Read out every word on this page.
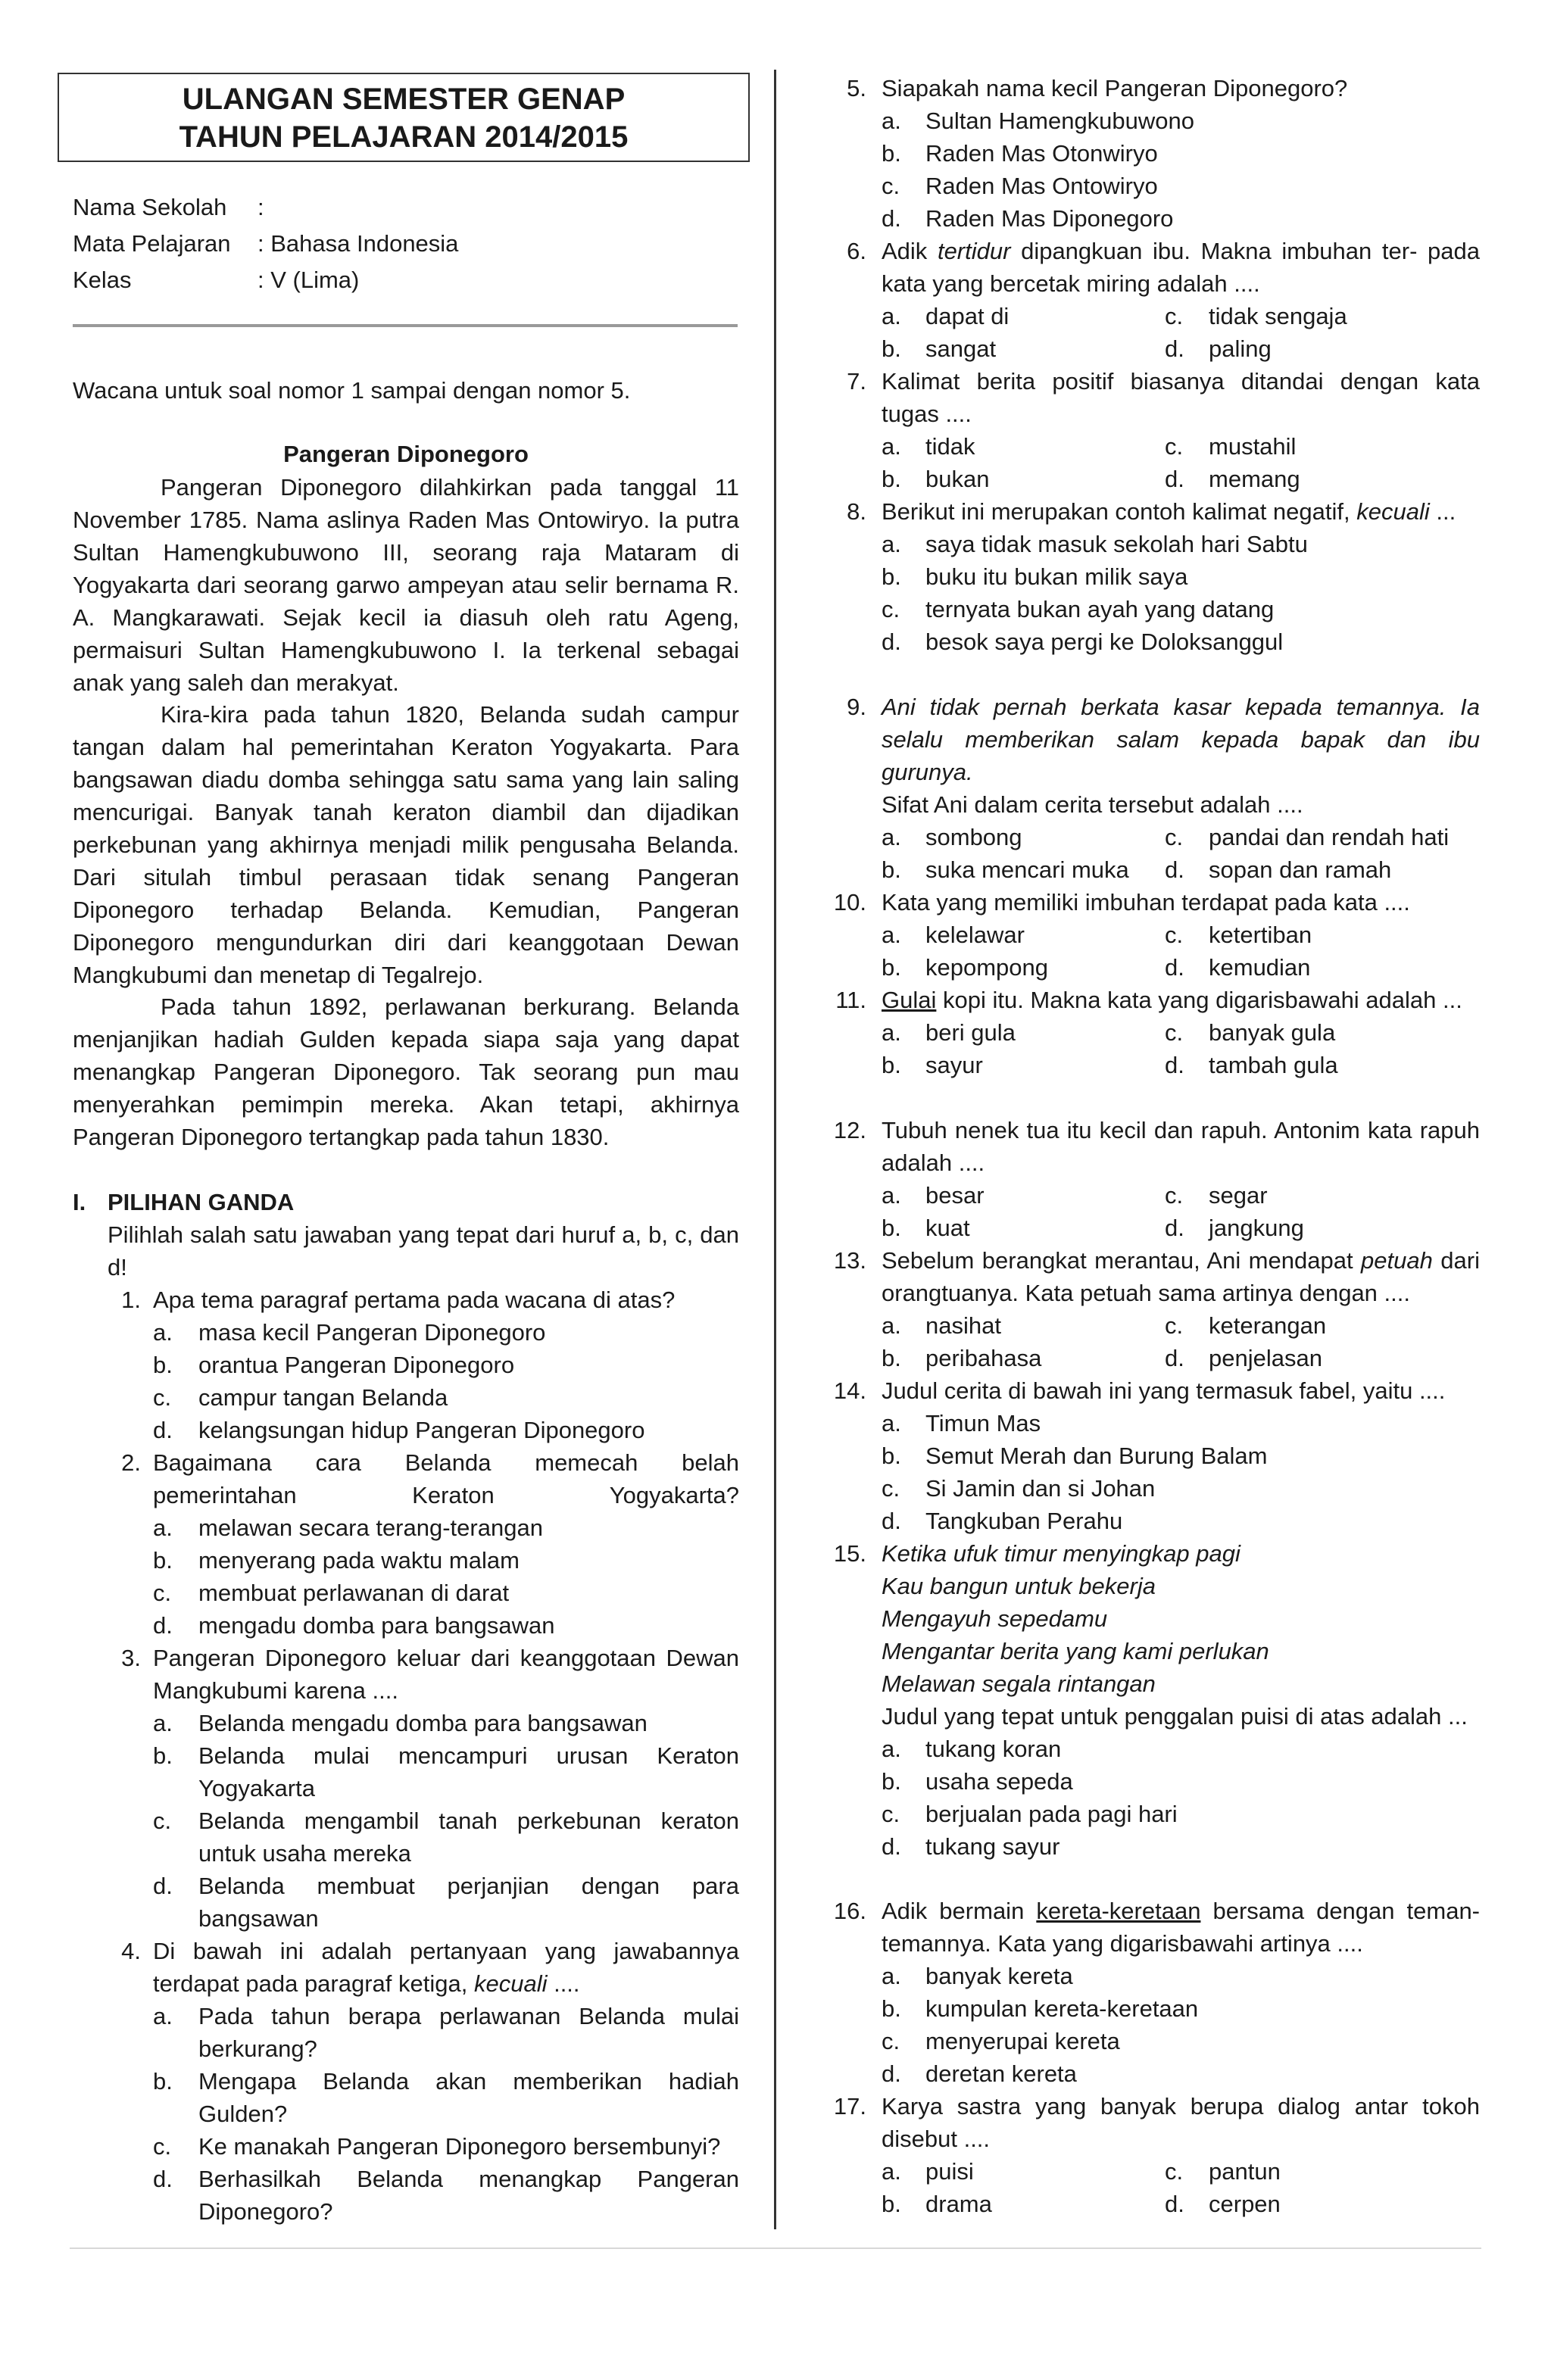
ULANGAN SEMESTER GENAP
TAHUN PELAJARAN 2014/2015
Nama Sekolah	:
Mata Pelajaran	: Bahasa Indonesia
Kelas	: V (Lima)
Wacana untuk soal nomor 1 sampai dengan nomor 5.
Pangeran Diponegoro
Pangeran Diponegoro dilahkirkan pada tanggal 11 November 1785. Nama aslinya Raden Mas Ontowiryo. Ia putra Sultan Hamengkubuwono III, seorang raja Mataram di Yogyakarta dari seorang garwo ampeyan atau selir bernama R. A. Mangkarawati. Sejak kecil ia diasuh oleh ratu Ageng, permaisuri Sultan Hamengkubuwono I. Ia terkenal sebagai anak yang saleh dan merakyat.
Kira-kira pada tahun 1820, Belanda sudah campur tangan dalam hal pemerintahan Keraton Yogyakarta. Para bangsawan diadu domba sehingga satu sama yang lain saling mencurigai. Banyak tanah keraton diambil dan dijadikan perkebunan yang akhirnya menjadi milik pengusaha Belanda. Dari situlah timbul perasaan tidak senang Pangeran Diponegoro terhadap Belanda. Kemudian, Pangeran Diponegoro mengundurkan diri dari keanggotaan Dewan Mangkubumi dan menetap di Tegalrejo.
Pada tahun 1892, perlawanan berkurang. Belanda menjanjikan hadiah Gulden kepada siapa saja yang dapat menangkap Pangeran Diponegoro. Tak seorang pun mau menyerahkan pemimpin mereka. Akan tetapi, akhirnya Pangeran Diponegoro tertangkap pada tahun 1830.
I. PILIHAN GANDA
Pilihlah salah satu jawaban yang tepat dari huruf a, b, c, dan d!
1. Apa tema paragraf pertama pada wacana di atas?
a.	masa kecil Pangeran Diponegoro
b.	orantua Pangeran Diponegoro
c.	campur tangan Belanda
d.	kelangsungan hidup Pangeran Diponegoro
2. Bagaimana cara Belanda memecah belah pemerintahan Keraton Yogyakarta?
a.	melawan secara terang-terangan
b.	menyerang pada waktu malam
c.	membuat perlawanan di darat
d.	mengadu domba para bangsawan
3. Pangeran Diponegoro keluar dari keanggotaan Dewan Mangkubumi karena ....
a.	Belanda mengadu domba para bangsawan
b.	Belanda mulai mencampuri urusan Keraton Yogyakarta
c.	Belanda mengambil tanah perkebunan keraton untuk usaha mereka
d.	Belanda membuat perjanjian dengan para bangsawan
4. Di bawah ini adalah pertanyaan yang jawabannya terdapat pada paragraf ketiga, kecuali ....
a.	Pada tahun berapa perlawanan Belanda mulai berkurang?
b.	Mengapa Belanda akan memberikan hadiah Gulden?
c.	Ke manakah Pangeran Diponegoro bersembunyi?
d.	Berhasilkah Belanda menangkap Pangeran Diponegoro?
5. Siapakah nama kecil Pangeran Diponegoro?
a.	Sultan Hamengkubuwono
b.	Raden Mas Otonwiryo
c.	Raden Mas Ontowiryo
d.	Raden Mas Diponegoro
6. Adik tertidur dipangkuan ibu. Makna imbuhan ter- pada kata yang bercetak miring adalah ....
a.	dapat di	c.	tidak sengaja
b.	sangat	d.	paling
7. Kalimat berita positif biasanya ditandai dengan kata tugas ....
a.	tidak	c.	mustahil
b.	bukan	d.	memang
8. Berikut ini merupakan contoh kalimat negatif, kecuali ...
a.	saya tidak masuk sekolah hari Sabtu
b.	buku itu bukan milik saya
c.	ternyata bukan ayah yang datang
d.	besok saya pergi ke Doloksanggul
9. Ani tidak pernah berkata kasar kepada temannya. Ia selalu memberikan salam kepada bapak dan ibu gurunya.
Sifat Ani dalam cerita tersebut adalah ....
a.	sombong	c.	pandai dan rendah hati
b.	suka mencari muka d.	sopan dan ramah
10. Kata yang memiliki imbuhan terdapat pada kata ....
a.	kelelawar	c.	ketertiban
b.	kepompong	d.	kemudian
11. Gulai kopi itu. Makna kata yang digarisbawahi adalah ...
a.	beri gula	c.	banyak gula
b.	sayur	d.	tambah gula
12. Tubuh nenek tua itu kecil dan rapuh. Antonim kata rapuh adalah ....
a.	besar	c.	segar
b.	kuat	d.	jangkung
13. Sebelum berangkat merantau, Ani mendapat petuah dari orangtuanya. Kata petuah sama artinya dengan ....
a.	nasihat	c.	keterangan
b.	peribahasa	d.	penjelasan
14. Judul cerita di bawah ini yang termasuk fabel, yaitu ....
a.	Timun Mas
b.	Semut Merah dan Burung Balam
c.	Si Jamin dan si Johan
d.	Tangkuban Perahu
15. Ketika ufuk timur menyingkap pagi
Kau bangun untuk bekerja
Mengayuh sepedamu
Mengantar berita yang kami perlukan
Melawan segala rintangan
Judul yang tepat untuk penggalan puisi di atas adalah ...
a.	tukang koran
b.	usaha sepeda
c.	berjualan pada pagi hari
d.	tukang sayur
16. Adik bermain kereta-keretaan bersama dengan teman-temannya. Kata yang digarisbawahi artinya ....
a.	banyak kereta
b.	kumpulan kereta-keretaan
c.	menyerupai kereta
d.	deretan kereta
17. Karya sastra yang banyak berupa dialog antar tokoh disebut ....
a.	puisi	c.	pantun
b.	drama	d.	cerpen
